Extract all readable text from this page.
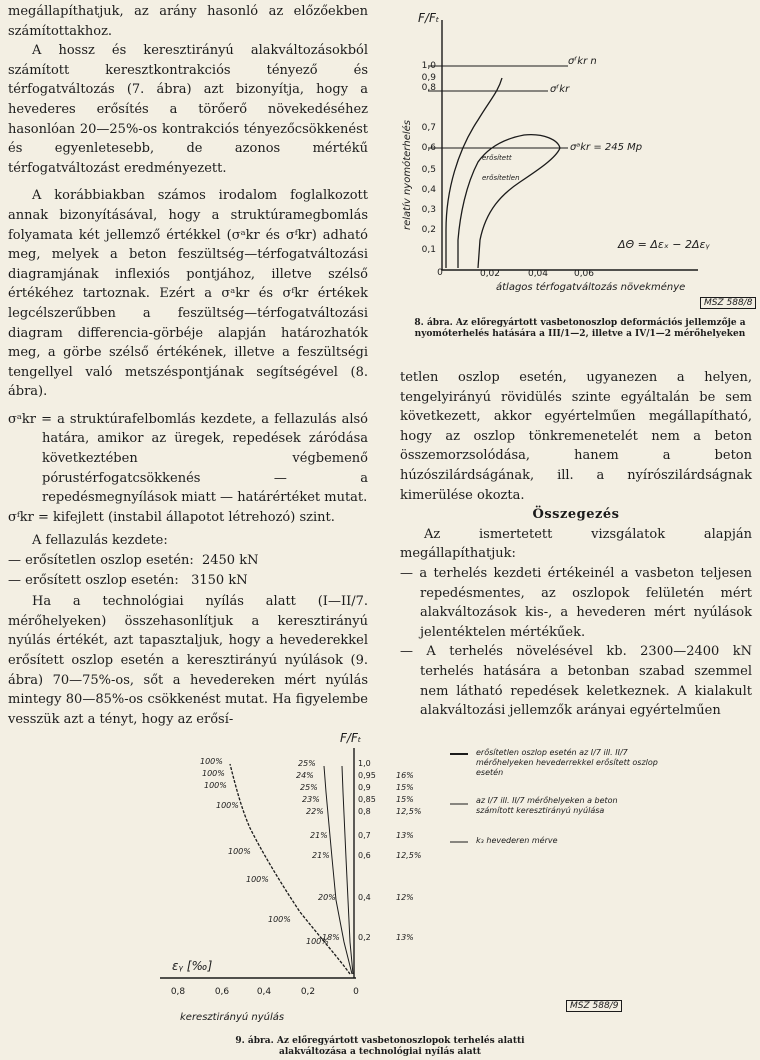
megállapíthatjuk, az arány hasonló az előzőekben számítottakhoz.

A hossz és keresztirányú alakváltozásokból számított keresztkontrakciós tényező és térfogatváltozás (7. ábra) azt bizonyítja, hogy a hevederes erősítés a törőerő növekedéséhez hasonlóan 20—25%-os kontrakciós tényezőcsökkenést és egyenletesebb, de azonos mértékű térfogatváltozást eredményezett.

A korábbiakban számos irodalom foglalkozott annak bizonyításával, hogy a struktúramegbomlás folyamata két jellemző értékkel (σᵃkr és σᶠkr) adható meg, melyek a beton feszültség—térfogatváltozási diagramjának inflexiós pontjához, illetve szélső értékéhez tartoznak. Ezért a σᵃkr és σᶠkr értékek legcélszerűbben a feszültség—térfogatváltozási diagram differencia-görbéje alapján határozhatók meg, a görbe szélső értékének, illetve a feszültségi tengellyel való metszéspontjának segítségével (8. ábra).

σᵃkr = a struktúrafelbomlás kezdete, a fellazulás alsó határa, amikor az üregek, repedések záródása következtében végbemenő pórustérfogatcsökkenés — a repedésmegnyílások miatt — határértéket mutat.

σᶠkr = kifejlett (instabil állapotot létrehozó) szint.

A fellazulás kezdete:

— erősítetlen oszlop esetén:  2450 kN

— erősített oszlop esetén:   3150 kN

Ha a technológiai nyílás alatt (I—II/7. mérőhelyeken) összehasonlítjuk a keresztirányú nyúlás értékét, azt tapasztaljuk, hogy a hevederekkel erősített oszlop esetén a keresztirányú nyúlások (9. ábra) 70—75%-os, sőt a hevedereken mért nyúlás mintegy 80—85%-os csökkenést mutat. Ha figyelembe vesszük azt a tényt, hogy az erősí-

F/Fₜ
0,1
0,2
0,3
0,4
0,5
0,6
0,7
0,8
0,9
1,0
relatív nyomóterhelés
0	0,02	0,04	0,06
átlagos térfogatváltozás növekménye
σᶠkr n
σᶠkr
σᵃkr = 245 Mp
erősített
erősítetlen
ΔΘ = Δεₓ − 2Δεᵧ
MSZ 588/8
8. ábra. Az előregyártott vasbetonoszlop deformációs jellemzője a nyomóterhelés hatására a III/1—2, illetve a IV/1—2 mérőhelyeken

tetlen oszlop esetén, ugyanezen a helyen, tengelyirányú rövidülés szinte egyáltalán be sem következett, akkor egyértelműen megállapítható, hogy az oszlop tönkremenetelét nem a beton összemorzsolódása, hanem a beton húzószilárdságának, ill. a nyírószilárdságnak kimerülése okozta.

Összegezés

Az ismertetett vizsgálatok alapján megállapíthatjuk:

— a terhelés kezdeti értékeinél a vasbeton teljesen repedésmentes, az oszlopok felületén mért alakváltozások kis-, a hevederen mért nyúlások jelentéktelen mértékűek.

— A terhelés növelésével kb. 2300—2400 kN terhelés hatására a betonban szabad szemmel nem látható repedések keletkeznek. A kialakult alakváltozási jellemzők arányai egyértelműen

F/Fₜ
εᵧ [‰]
0,8	0,6	0,4	0,2	0
keresztirányú nyúlás
1,0
0,95
0,9
0,85
0,8
0,7
0,6
0,4
0,2
100%
100%
100%
100%
100%
100%
100%
100%
25%
24%
25%
23%
22%
21%
21%
20%
18%
16%
15%
15%
12,5%
13%
12,5%
12%
13%
erősítetlen oszlop esetén az I/7 ill. II/7 mérőhelyeken hevederrekkel erősített oszlop esetén
az I/7 ill. II/7 mérőhelyeken a beton számított keresztirányú nyúlása
k₃ hevederen mérve
MSZ 588/9
9. ábra. Az előregyártott vasbetonoszlopok terhelés alatti
alakváltozása a technológiai nyílás alatt
